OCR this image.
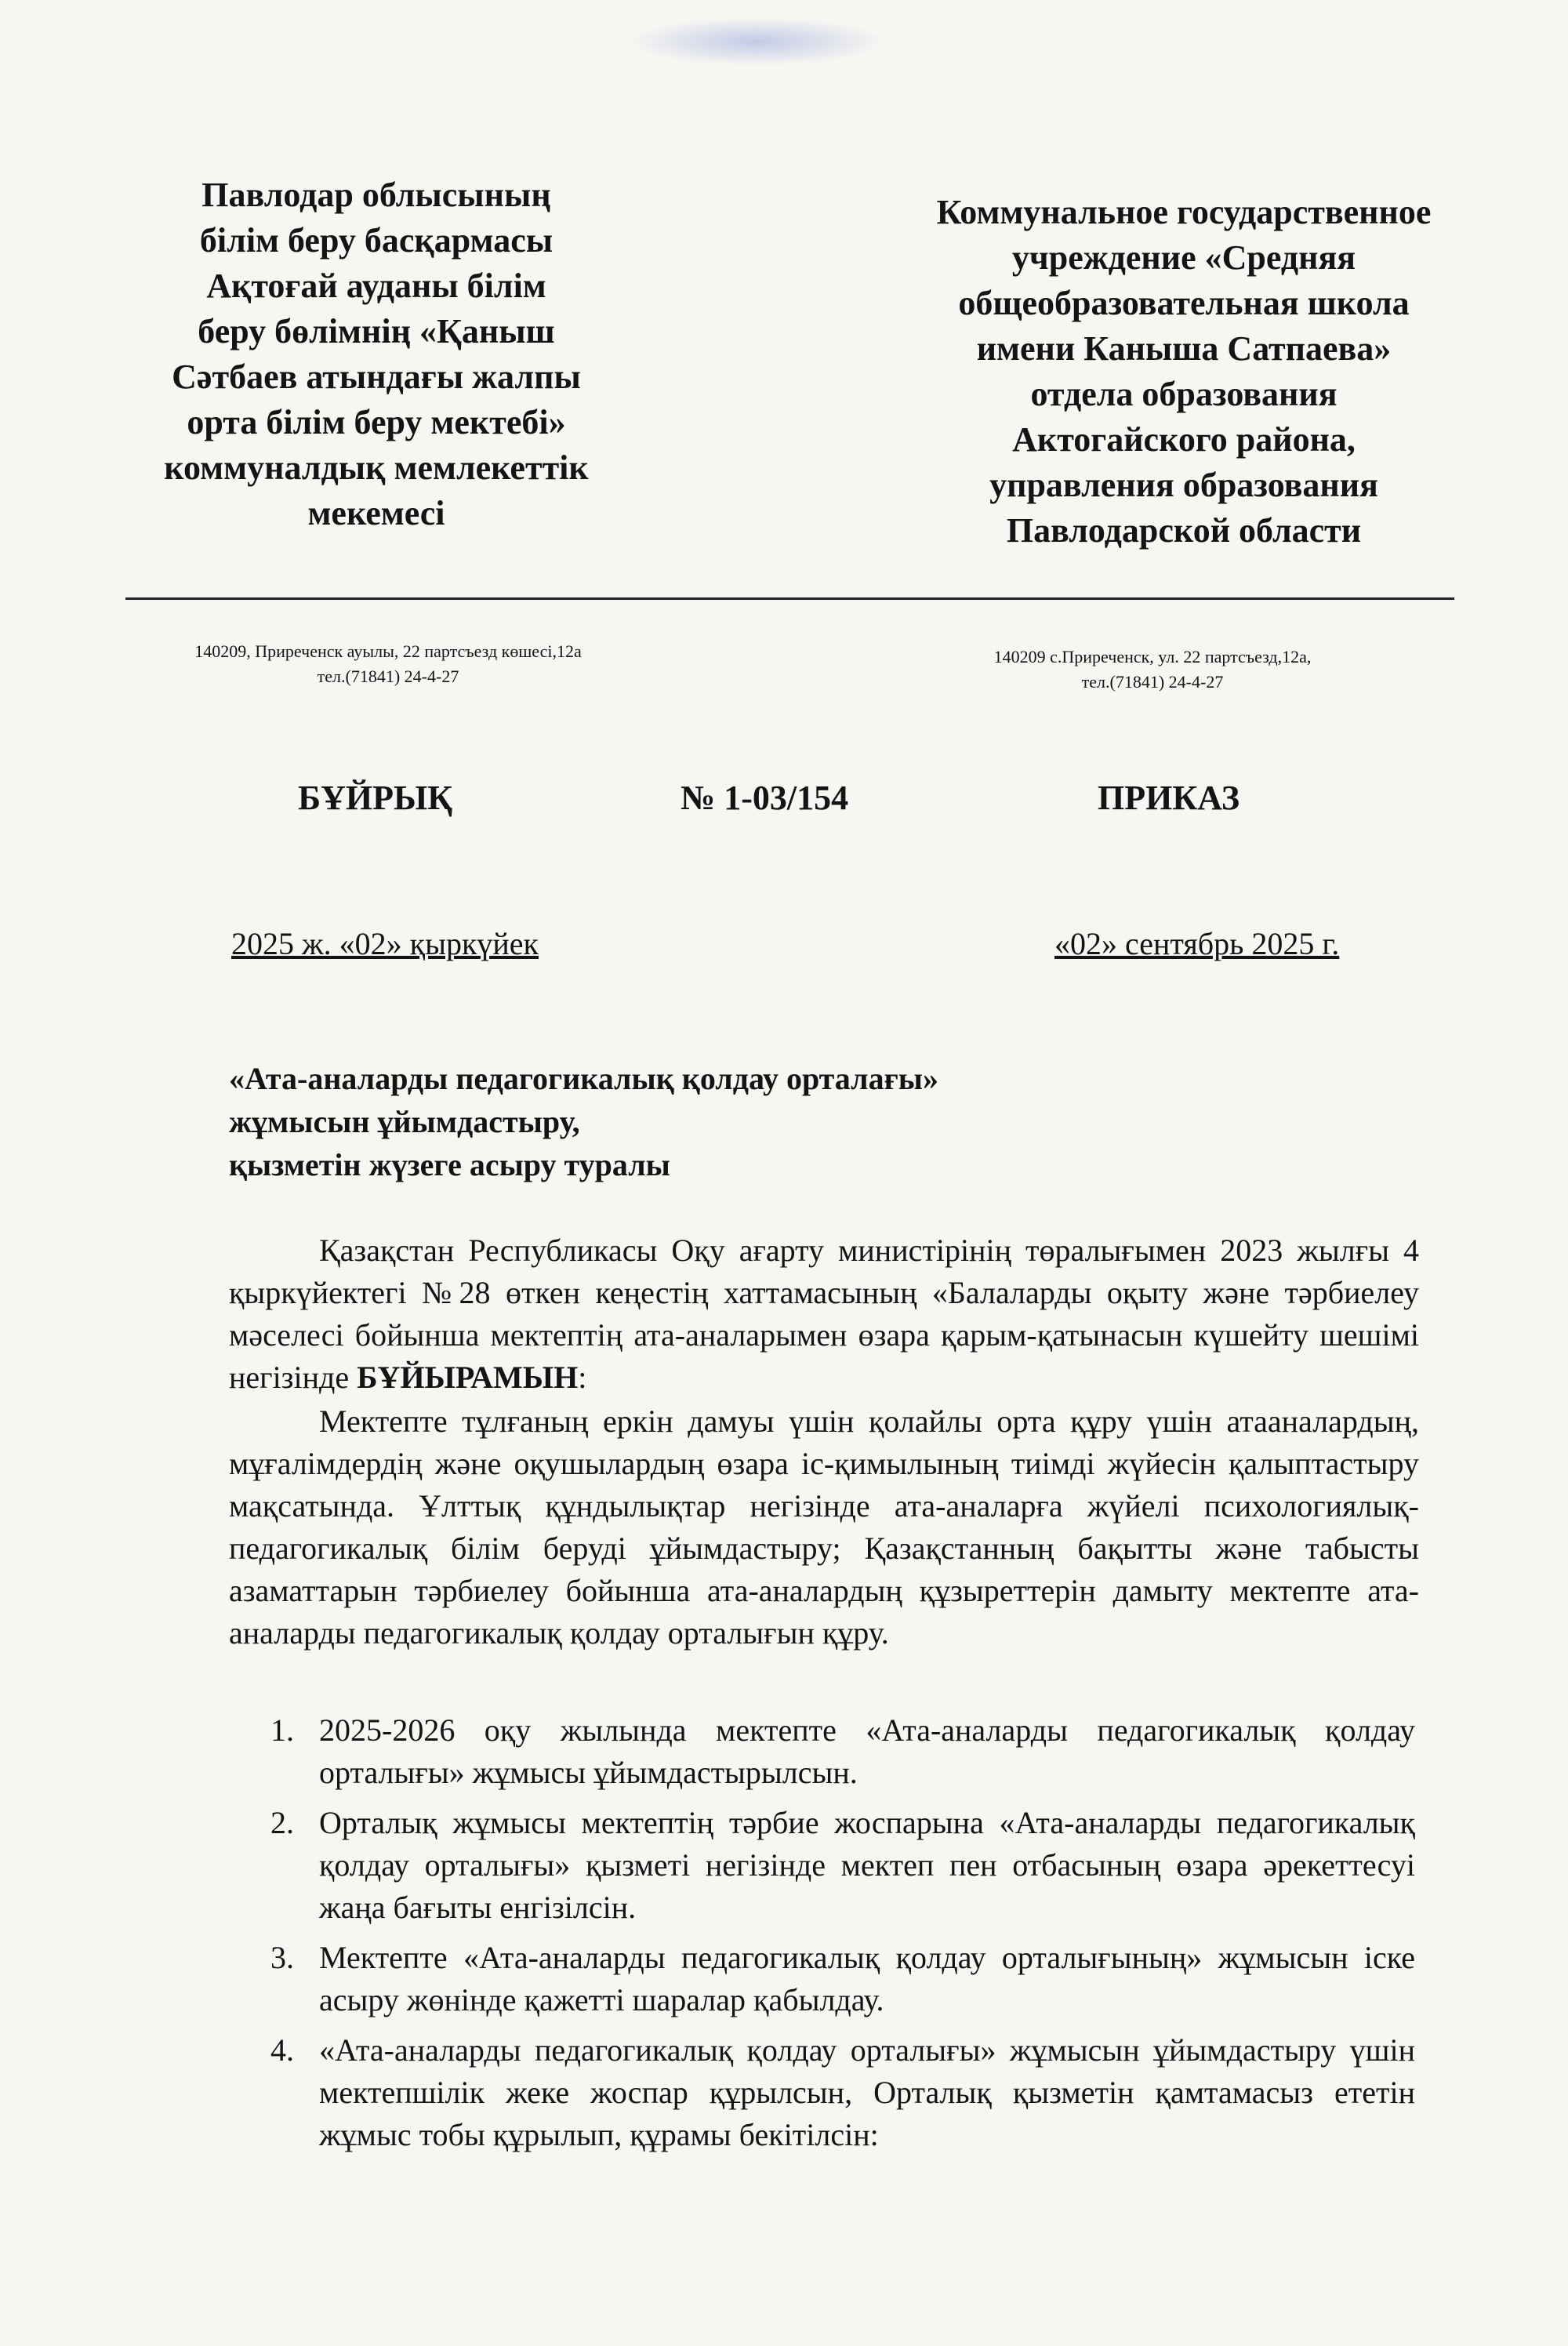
Павлодар облысының
білім беру басқармасы
Ақтоғай ауданы білім
беру бөлімнің «Қаныш
Сәтбаев атындағы жалпы
орта білім беру мектебі»
коммуналдық мемлекеттік
мекемесі
Коммунальное государственное
учреждение «Средняя
общеобразовательная школа
имени Каныша Сатпаева»
отдела образования
Актогайского района,
управления образования
Павлодарской области
140209, Приреченск ауылы, 22 партсъезд көшесі,12а
тел.(71841) 24-4-27
140209 с.Приреченск, ул. 22 партсъезд,12а,
тел.(71841) 24-4-27
БҰЙРЫҚ	№ 1-03/154	ПРИКАЗ
2025 ж. «02» қыркүйек	«02» сентябрь 2025 г.
«Ата-аналарды педагогикалық қолдау орталағы»
жұмысын ұйымдастыру,
қызметін жүзеге асыру туралы
Қазақстан Республикасы Оқу ағарту министірінің төралығымен 2023 жылғы 4 қыркүйектегі №28 өткен кеңестің хаттамасының «Балаларды оқыту және тәрбиелеу мәселесі бойынша мектептің ата-аналарымен өзара қарым-қатынасын күшейту шешімі негізінде БҰЙЫРАМЫН:
Мектепте тұлғаның еркін дамуы үшін қолайлы орта құру үшін атааналардың, мұғалімдердің және оқушылардың өзара іс-қимылының тиімді жүйесін қалыптастыру мақсатында. Ұлттық құндылықтар негізінде ата-аналарға жүйелі психологиялық-педагогикалық білім беруді ұйымдастыру; Қазақстанның бақытты және табысты азаматтарын тәрбиелеу бойынша ата-аналардың құзыреттерін дамыту мектепте ата-аналарды педагогикалық қолдау орталығын құру.
1. 2025-2026 оқу жылында мектепте «Ата-аналарды педагогикалық қолдау орталығы» жұмысы ұйымдастырылсын.
2. Орталық жұмысы мектептің тәрбие жоспарына «Ата-аналарды педагогикалық қолдау орталығы» қызметі негізінде мектеп пен отбасының өзара әрекеттесуі жаңа бағыты енгізілсін.
3. Мектепте «Ата-аналарды педагогикалық қолдау орталығының» жұмысын іске асыру жөнінде қажетті шаралар қабылдау.
4. «Ата-аналарды педагогикалық қолдау орталығы» жұмысын ұйымдастыру үшін мектепшілік жеке жоспар құрылсын, Орталық қызметін қамтамасыз ететін жұмыс тобы құрылып, құрамы бекітілсін:
